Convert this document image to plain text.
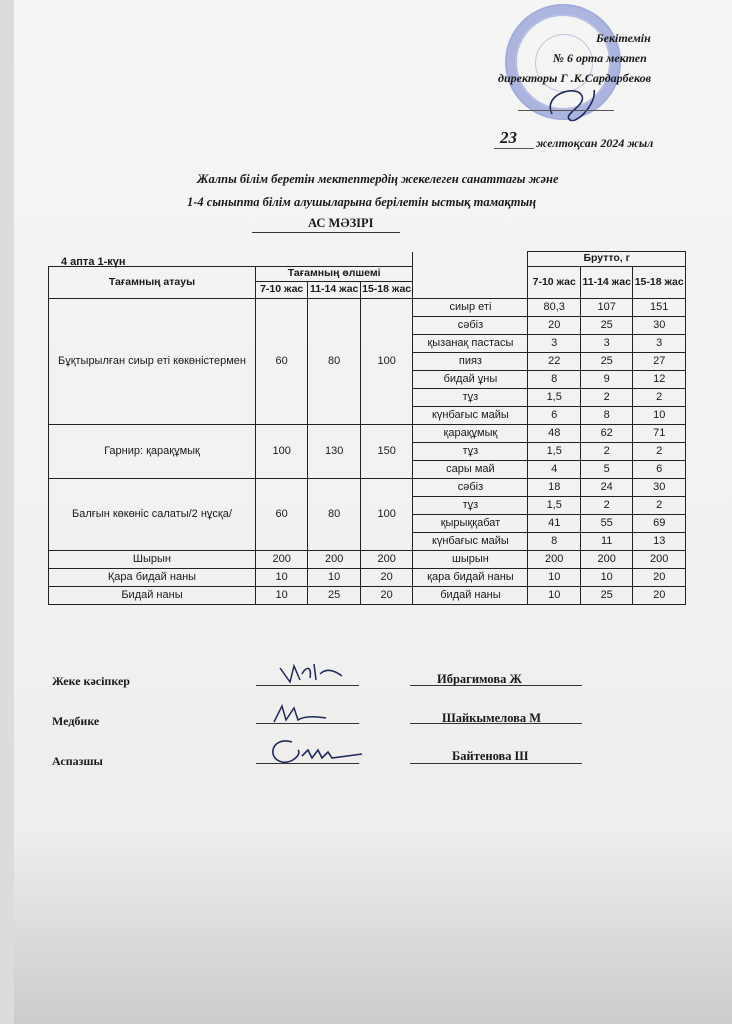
Бекітемін
№ 6 орта мектеп
директоры Г .К.Сардарбеков
23 желтоқсан 2024 жыл
Жалпы білім беретін мектептердің жекелеген санаттағы және
1-4 сыныпта білім алушыларына берілетін ыстық тамақтың
АС МӘЗІРІ
					Брутто, г		
Тағамның атауы	Тағамның өлшемі				7-10 жас	11-14 жас	15-18 жас
	7-10 жас	11-14 жас	15-18 жас				
Бұқтырылған сиыр еті көкөністермен	60	80	100	сиыр еті	80,3	107	151
				сәбіз	20	25	30
				қызанақ пастасы	3	3	3
				пияз	22	25	27
				бидай ұны	8	9	12
				тұз	1,5	2	2
				күнбағыс майы	6	8	10
Гарнир: қарақұмық	100	130	150	қарақұмық	48	62	71
				тұз	1,5	2	2
				сары май	4	5	6
Балғын көкөніс салаты/2 нұсқа/	60	80	100	сәбіз	18	24	30
				тұз	1,5	2	2
				қырыққабат	41	55	69
				күнбағыс майы	8	11	13
Шырын	200	200	200	шырын	200	200	200
Қара бидай наны	10	10	20	қара бидай наны	10	10	20
Бидай наны	10	25	20	бидай наны	10	25	20
4 апта 1-күн
Жеке кәсіпкер	Ибрагимова Ж
Медбике	Шайкымелова М
Аспазшы	Байтенова Ш
